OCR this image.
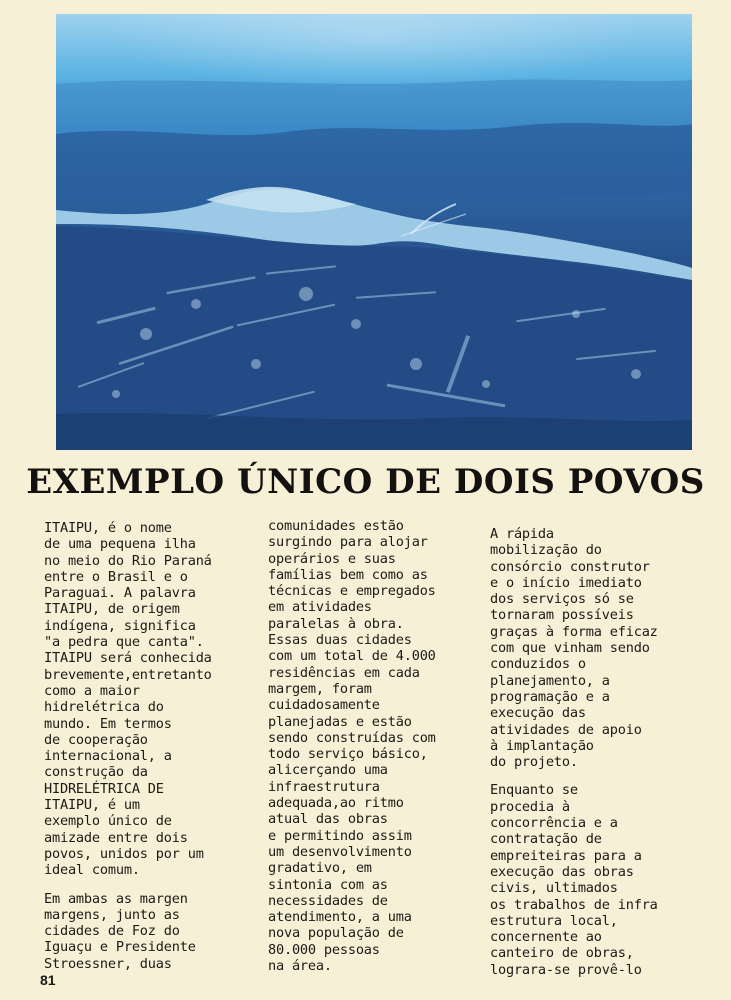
EXEMPLO ÚNICO DE DOIS POVOS

ITAIPU, é o nome
de uma pequena ilha
no meio do Rio Paraná
entre o Brasil e o
Paraguai. A palavra
ITAIPU, de origem
indígena, significa
"a pedra que canta".
ITAIPU será conhecida
brevemente,entretanto
como a maior
hidrelétrica do
mundo. Em termos
de cooperação
internacional, a
construção da
HIDRELÉTRICA DE
ITAIPU, é um
exemplo único de
amizade entre dois
povos, unidos por um
ideal comum.

Em ambas as margen
margens, junto as
cidades de Foz do
Iguaçu e Presidente
Stroessner, duas

comunidades estão
surgindo para alojar
operários e suas
famílias bem como as
técnicas e empregados
em atividades
paralelas à obra.
Essas duas cidades
com um total de 4.000
residências em cada
margem, foram
cuidadosamente
planejadas e estão
sendo construídas com
todo serviço básico,
alicerçando uma
infraestrutura
adequada,ao ritmo
atual das obras
e permitindo assim
um desenvolvimento
gradativo, em
sintonia com as
necessidades de
atendimento, a uma
nova população de
80.000 pessoas
na área.

A rápida
mobilização do
consórcio construtor
e o início imediato
dos serviços só se
tornaram possíveis
graças à forma eficaz
com que vinham sendo
conduzidos o
planejamento, a
programação e a
execução das
atividades de apoio
à implantação
do projeto.

Enquanto se
procedia à
concorrência e a
contratação de
empreiteiras para a
execução das obras
civis, ultimados
os trabalhos de infra
estrutura local,
concernente ao
canteiro de obras,
lograra-se provê-lo

81
